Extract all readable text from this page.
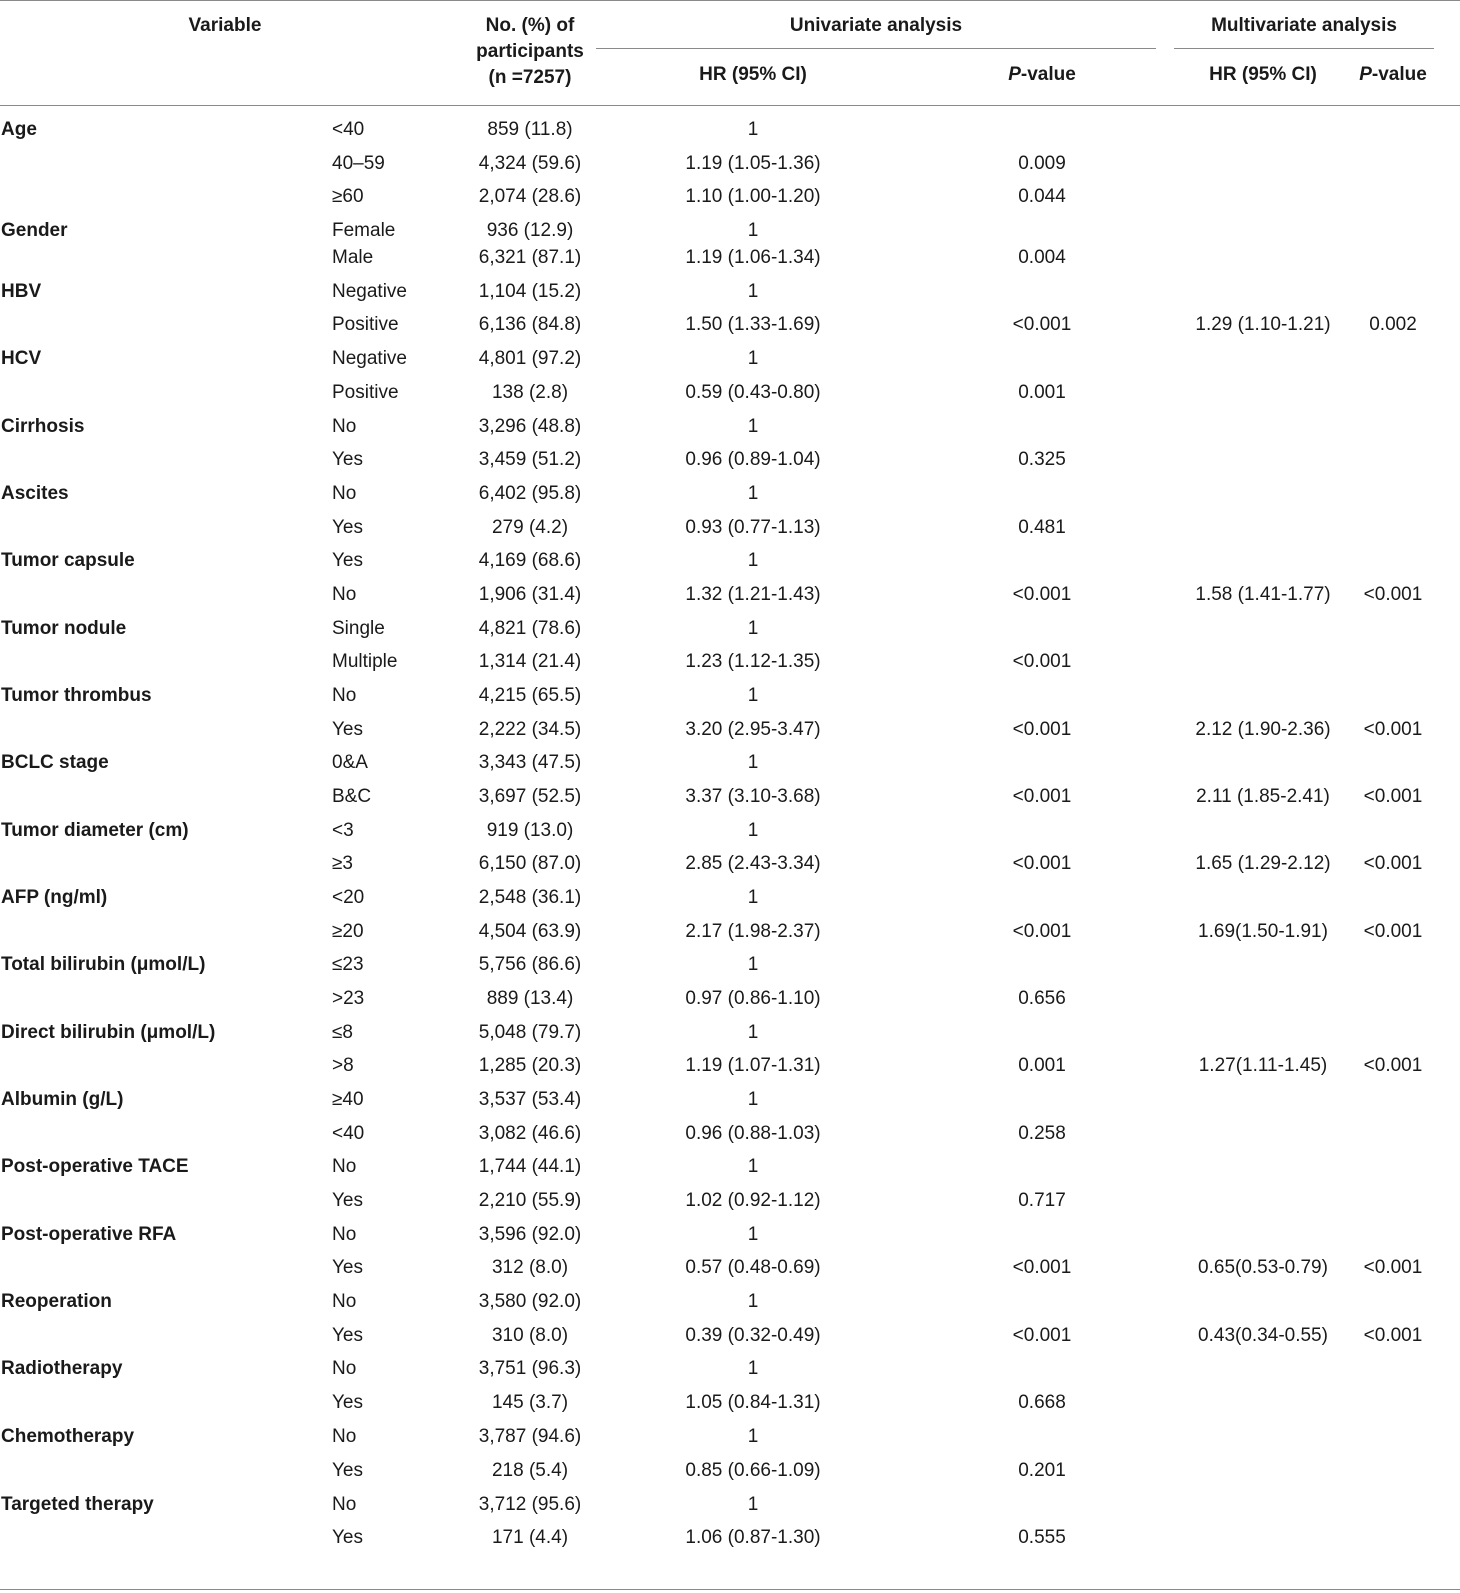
Variable	No. (%) of
participants
(n =7257)
Univariate analysis	Multivariate analysis
HR (95% CI)	P-value	HR (95% CI)	P-value
Age	<40	859 (11.8)	1
40–59	4,324 (59.6)	1.19 (1.05-1.36)	0.009
≥60	2,074 (28.6)	1.10 (1.00-1.20)	0.044
Gender	Female	936 (12.9)	1
Male	6,321 (87.1)	1.19 (1.06-1.34)	0.004
HBV	Negative	1,104 (15.2)	1
Positive	6,136 (84.8)	1.50 (1.33-1.69)	<0.001	1.29 (1.10-1.21)	0.002
HCV	Negative	4,801 (97.2)	1
Positive	138 (2.8)	0.59 (0.43-0.80)	0.001
Cirrhosis	No	3,296 (48.8)	1
Yes	3,459 (51.2)	0.96 (0.89-1.04)	0.325
Ascites	No	6,402 (95.8)	1
Yes	279 (4.2)	0.93 (0.77-1.13)	0.481
Tumor capsule	Yes	4,169 (68.6)	1
No	1,906 (31.4)	1.32 (1.21-1.43)	<0.001	1.58 (1.41-1.77)	<0.001
Tumor nodule	Single	4,821 (78.6)	1
Multiple	1,314 (21.4)	1.23 (1.12-1.35)	<0.001
Tumor thrombus	No	4,215 (65.5)	1
Yes	2,222 (34.5)	3.20 (2.95-3.47)	<0.001	2.12 (1.90-2.36)	<0.001
BCLC stage	0&A	3,343 (47.5)	1
B&C	3,697 (52.5)	3.37 (3.10-3.68)	<0.001	2.11 (1.85-2.41)	<0.001
Tumor diameter (cm)	<3	919 (13.0)	1
≥3	6,150 (87.0)	2.85 (2.43-3.34)	<0.001	1.65 (1.29-2.12)	<0.001
AFP (ng/ml)	<20	2,548 (36.1)	1
≥20	4,504 (63.9)	2.17 (1.98-2.37)	<0.001	1.69(1.50-1.91)	<0.001
Total bilirubin (μmol/L)	≤23	5,756 (86.6)	1
>23	889 (13.4)	0.97 (0.86-1.10)	0.656
Direct bilirubin (μmol/L)	≤8	5,048 (79.7)	1
>8	1,285 (20.3)	1.19 (1.07-1.31)	0.001	1.27(1.11-1.45)	<0.001
Albumin (g/L)	≥40	3,537 (53.4)	1
<40	3,082 (46.6)	0.96 (0.88-1.03)	0.258
Post-operative TACE	No	1,744 (44.1)	1
Yes	2,210 (55.9)	1.02 (0.92-1.12)	0.717
Post-operative RFA	No	3,596 (92.0)	1
Yes	312 (8.0)	0.57 (0.48-0.69)	<0.001	0.65(0.53-0.79)	<0.001
Reoperation	No	3,580 (92.0)	1
Yes	310 (8.0)	0.39 (0.32-0.49)	<0.001	0.43(0.34-0.55)	<0.001
Radiotherapy	No	3,751 (96.3)	1
Yes	145 (3.7)	1.05 (0.84-1.31)	0.668
Chemotherapy	No	3,787 (94.6)	1
Yes	218 (5.4)	0.85 (0.66-1.09)	0.201
Targeted therapy	No	3,712 (95.6)	1
Yes	171 (4.4)	1.06 (0.87-1.30)	0.555
